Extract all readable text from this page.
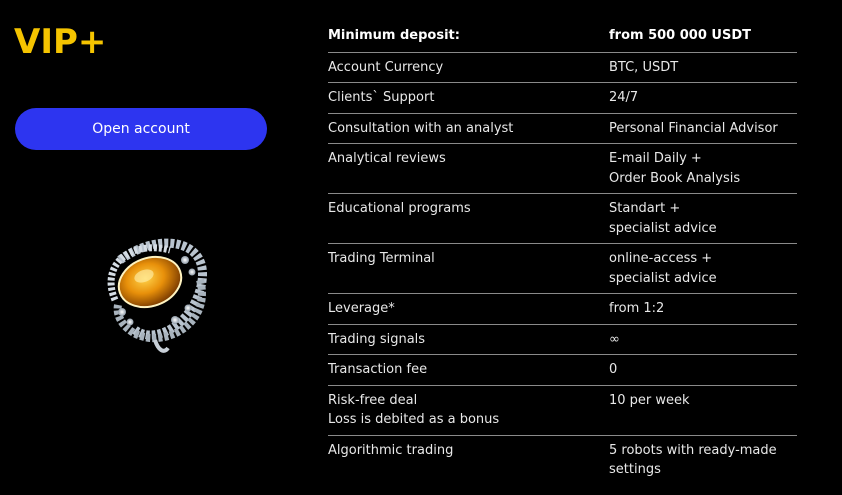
VIP+
Open account
Minimum deposit:	from 500 000 USDT

Account Currency	BTC, USDT

Clients` Support	24/7

Consultation with an analyst	Personal Financial Advisor

Analytical reviews	E-mail Daily +
Order Book Analysis

Educational programs	Standart +
specialist advice

Trading Terminal	online-access +
specialist advice

Leverage*	from 1:2

Trading signals	∞

Transaction fee	0

Risk-free deal
Loss is debited as a bonus	10 per week

Algorithmic trading	5 robots with ready-made
settings
